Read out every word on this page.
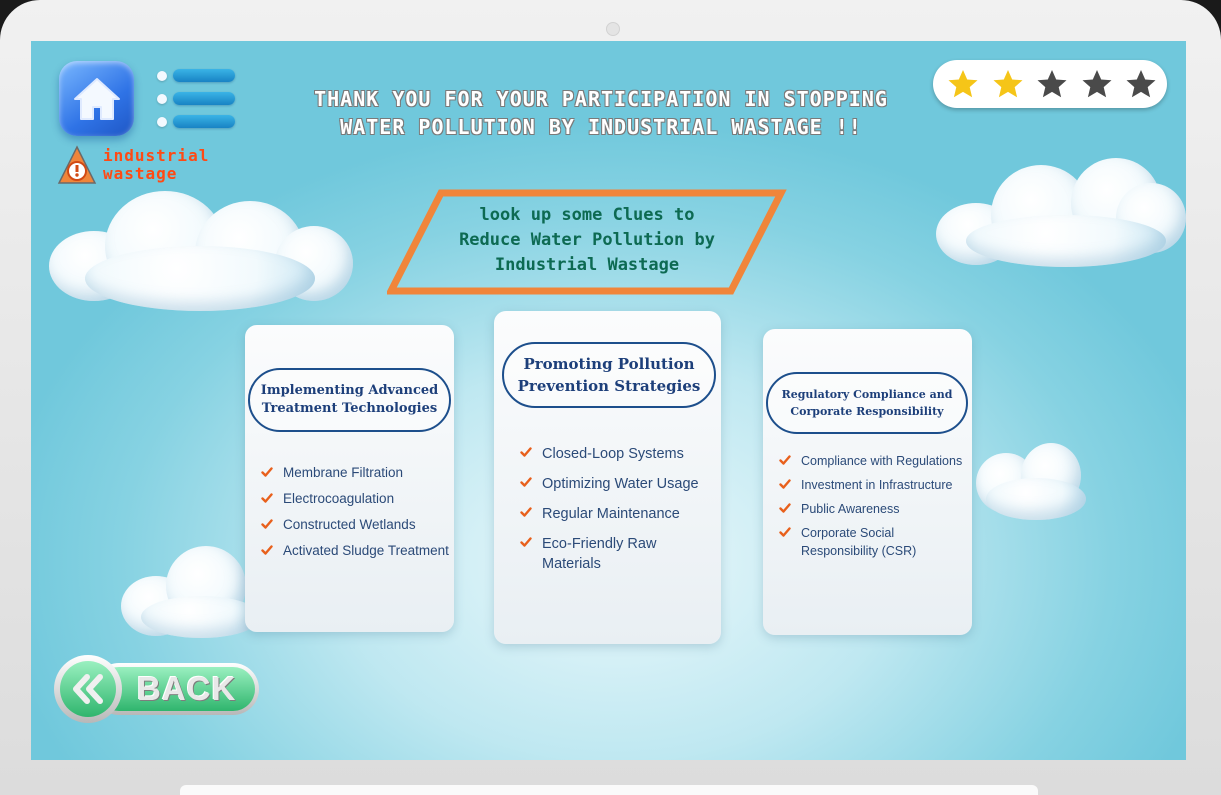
industrial
wastage
THANK YOU FOR YOUR PARTICIPATION IN STOPPING WATER POLLUTION BY INDUSTRIAL WASTAGE !!
look up some Clues to
Reduce Water Pollution by
Industrial Wastage
Implementing Advanced
Treatment Technologies
Membrane Filtration
Electrocoagulation
Constructed Wetlands
Activated Sludge Treatment
Promoting Pollution
Prevention Strategies
Closed-Loop Systems
Optimizing Water Usage
Regular Maintenance
Eco-Friendly Raw Materials
Regulatory Compliance and
Corporate Responsibility
Compliance with Regulations
Investment in Infrastructure
Public Awareness
Corporate Social Responsibility (CSR)
BACK
